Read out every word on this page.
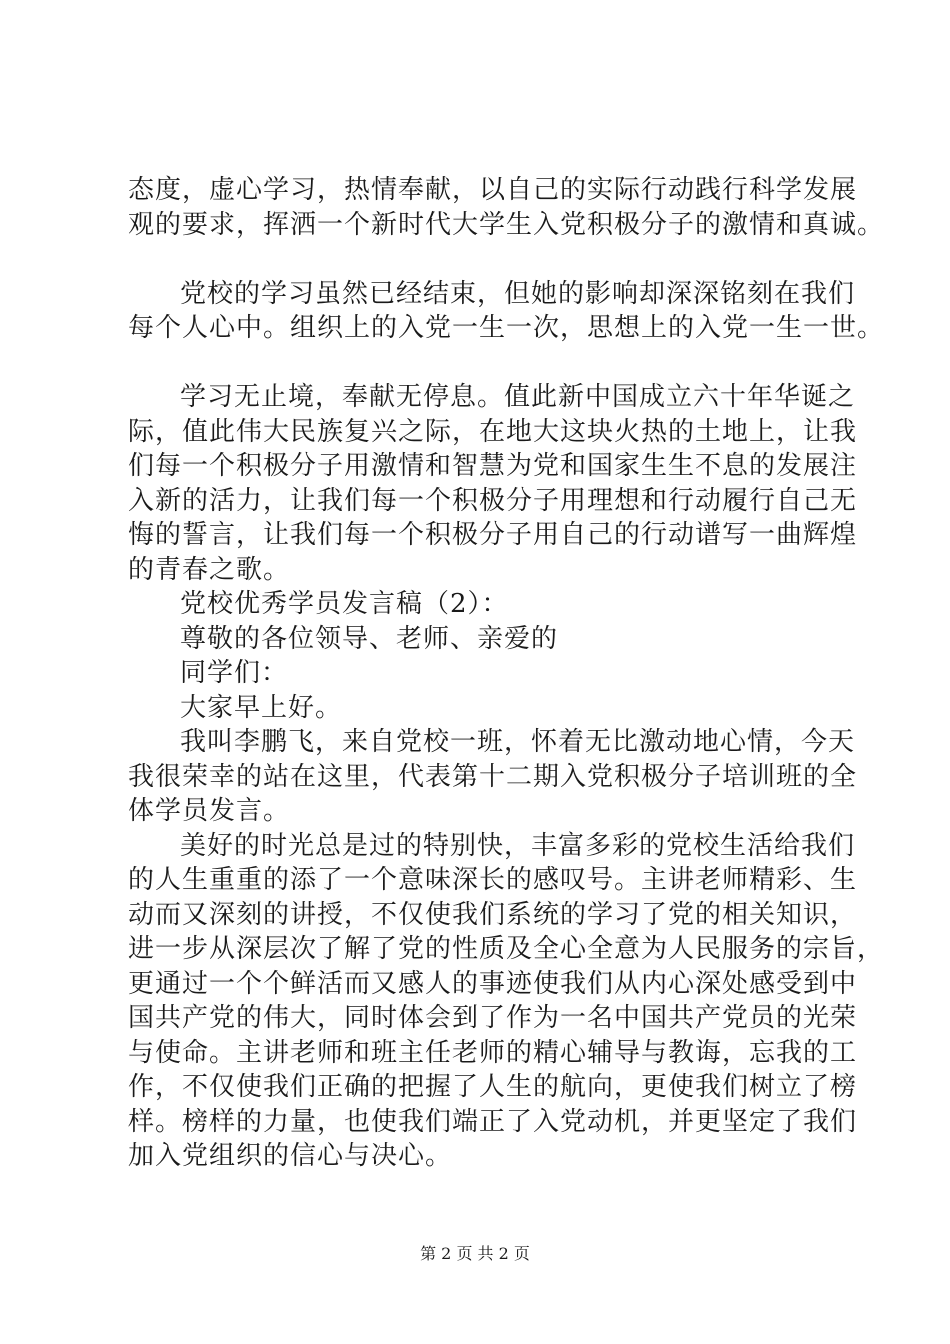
态度，虚心学习，热情奉献，以自己的实际行动践行科学发展
观的要求，挥洒一个新时代大学生入党积极分子的激情和真诚。
党校的学习虽然已经结束，但她的影响却深深铭刻在我们
每个人心中。组织上的入党一生一次，思想上的入党一生一世。
学习无止境，奉献无停息。值此新中国成立六十年华诞之
际，值此伟大民族复兴之际，在地大这块火热的土地上，让我
们每一个积极分子用激情和智慧为党和国家生生不息的发展注
入新的活力，让我们每一个积极分子用理想和行动履行自己无
悔的誓言，让我们每一个积极分子用自己的行动谱写一曲辉煌
的青春之歌。
党校优秀学员发言稿（2）：
尊敬的各位领导、老师、亲爱的
同学们：
大家早上好。
我叫李鹏飞，来自党校一班，怀着无比激动地心情，今天
我很荣幸的站在这里，代表第十二期入党积极分子培训班的全
体学员发言。
美好的时光总是过的特别快，丰富多彩的党校生活给我们
的人生重重的添了一个意味深长的感叹号。主讲老师精彩、生
动而又深刻的讲授，不仅使我们系统的学习了党的相关知识，
进一步从深层次了解了党的性质及全心全意为人民服务的宗旨，
更通过一个个鲜活而又感人的事迹使我们从内心深处感受到中
国共产党的伟大，同时体会到了作为一名中国共产党员的光荣
与使命。主讲老师和班主任老师的精心辅导与教诲，忘我的工
作，不仅使我们正确的把握了人生的航向，更使我们树立了榜
样。榜样的力量，也使我们端正了入党动机，并更坚定了我们
加入党组织的信心与决心。
第 2 页 共 2 页
